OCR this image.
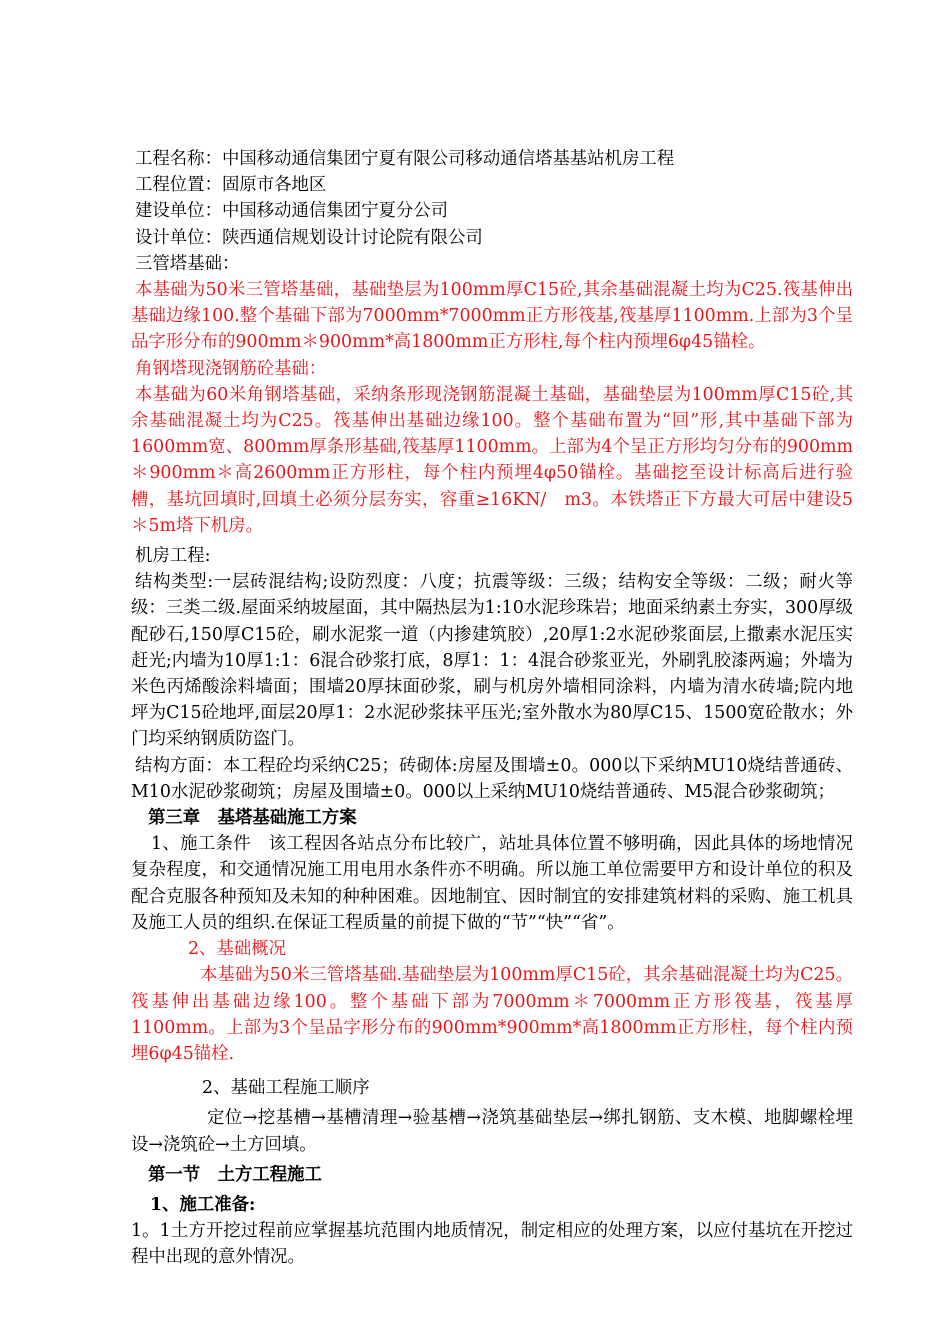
工程名称：中国移动通信集团宁夏有限公司移动通信塔基基站机房工程

工程位置：固原市各地区

建设单位：中国移动通信集团宁夏分公司

设计单位：陕西通信规划设计讨论院有限公司

三管塔基础：

本基础为50米三管塔基础，基础垫层为100mm厚C15砼,其余基础混凝土均为C25.筏基伸出基础边缘100.整个基础下部为7000mm*7000mm正方形筏基,筏基厚1100mm.上部为3个呈品字形分布的900mm＊900mm*高1800mm正方形柱,每个柱内预埋6φ45锚栓。

角钢塔现浇钢筋砼基础：

本基础为60米角钢塔基础，采纳条形现浇钢筋混凝土基础，基础垫层为100mm厚C15砼,其余基础混凝土均为C25。筏基伸出基础边缘100。整个基础布置为“回”形,其中基础下部为1600mm宽、800mm厚条形基础,筏基厚1100mm。上部为4个呈正方形均匀分布的900mm＊900mm＊高2600mm正方形柱，每个柱内预埋4φ50锚栓。基础挖至设计标高后进行验槽，基坑回填时,回填土必须分层夯实，容重≥16KN/　m3。本铁塔正下方最大可居中建设5＊5m塔下机房。

机房工程:

结构类型:一层砖混结构;设防烈度：八度；抗震等级：三级；结构安全等级：二级；耐火等级：三类二级.屋面采纳坡屋面，其中隔热层为1:10水泥珍珠岩；地面采纳素土夯实，300厚级配砂石,150厚C15砼，刷水泥浆一道（内掺建筑胶）,20厚1:2水泥砂浆面层,上撒素水泥压实赶光;内墙为10厚1:1：6混合砂浆打底，8厚1：1：4混合砂浆亚光，外刷乳胶漆两遍；外墙为米色丙烯酸涂料墙面；围墙20厚抹面砂浆，刷与机房外墙相同涂料，内墙为清水砖墙;院内地坪为C15砼地坪,面层20厚1：2水泥砂浆抹平压光;室外散水为80厚C15、1500宽砼散水；外门均采纳钢质防盗门。

结构方面：本工程砼均采纳C25；砖砌体:房屋及围墙±0。000以下采纳MU10烧结普通砖、M10水泥砂浆砌筑；房屋及围墙±0。000以上采纳MU10烧结普通砖、M5混合砂浆砌筑；

第三章　基塔基础施工方案

1、施工条件　该工程因各站点分布比较广，站址具体位置不够明确，因此具体的场地情况复杂程度，和交通情况施工用电用水条件亦不明确。所以施工单位需要甲方和设计单位的积及配合克服各种预知及未知的种种困难。因地制宜、因时制宜的安排建筑材料的采购、施工机具及施工人员的组织.在保证工程质量的前提下做的“节”“快”“省”。

2、基础概况

本基础为50米三管塔基础.基础垫层为100mm厚C15砼，其余基础混凝土均为C25。筏基伸出基础边缘100。整个基础下部为7000mm＊7000mm正方形筏基，筏基厚1100mm。上部为3个呈品字形分布的900mm*900mm*高1800mm正方形柱，每个柱内预埋6φ45锚栓.

2、基础工程施工顺序

定位→挖基槽→基槽清理→验基槽→浇筑基础垫层→绑扎钢筋、支木模、地脚螺栓埋设→浇筑砼→土方回填。

第一节　土方工程施工

1、施工准备:

1。1土方开挖过程前应掌握基坑范围内地质情况，制定相应的处理方案，以应付基坑在开挖过程中出现的意外情况。
